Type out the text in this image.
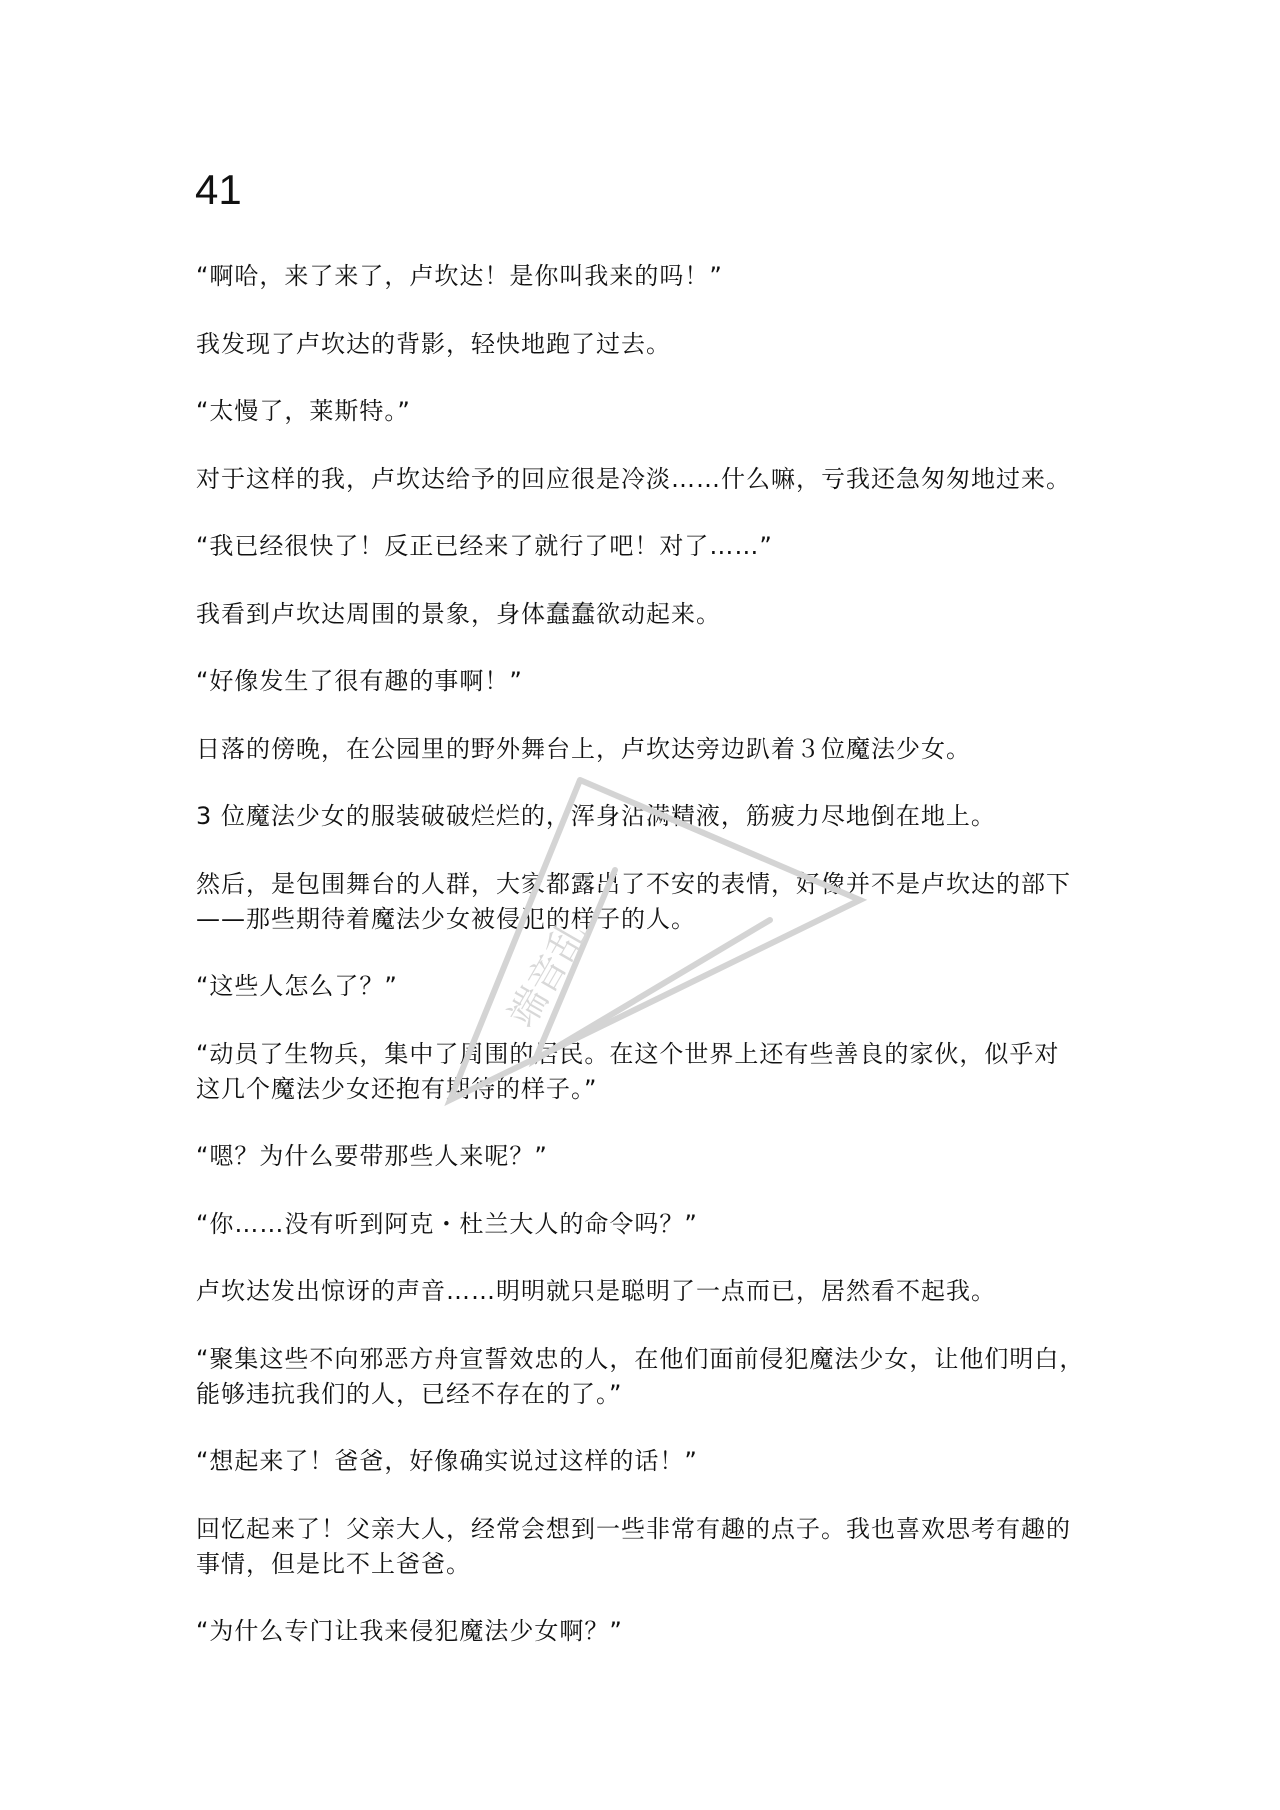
41
“啊哈，来了来了，卢坎达！是你叫我来的吗！”
我发现了卢坎达的背影，轻快地跑了过去。
“太慢了，莱斯特。”
对于这样的我，卢坎达给予的回应很是冷淡……什么嘛，亏我还急匆匆地过来。
“我已经很快了！反正已经来了就行了吧！对了……”
我看到卢坎达周围的景象，身体蠢蠢欲动起来。
“好像发生了很有趣的事啊！”
日落的傍晚，在公园里的野外舞台上，卢坎达旁边趴着３位魔法少女。
3 位魔法少女的服装破破烂烂的，浑身沾满精液，筋疲力尽地倒在地上。
然后，是包围舞台的人群，大家都露出了不安的表情，好像并不是卢坎达的部下
——那些期待着魔法少女被侵犯的样子的人。
“这些人怎么了？”
“动员了生物兵，集中了周围的居民。在这个世界上还有些善良的家伙，似乎对
这几个魔法少女还抱有期待的样子。”
“嗯？为什么要带那些人来呢？”
“你……没有听到阿克・杜兰大人的命令吗？”
卢坎达发出惊讶的声音……明明就只是聪明了一点而已，居然看不起我。
“聚集这些不向邪恶方舟宣誓效忠的人，在他们面前侵犯魔法少女，让他们明白，
能够违抗我们的人，已经不存在的了。”
“想起来了！爸爸，好像确实说过这样的话！”
回忆起来了！父亲大人，经常会想到一些非常有趣的点子。我也喜欢思考有趣的
事情，但是比不上爸爸。
“为什么专门让我来侵犯魔法少女啊？”
端音乱
